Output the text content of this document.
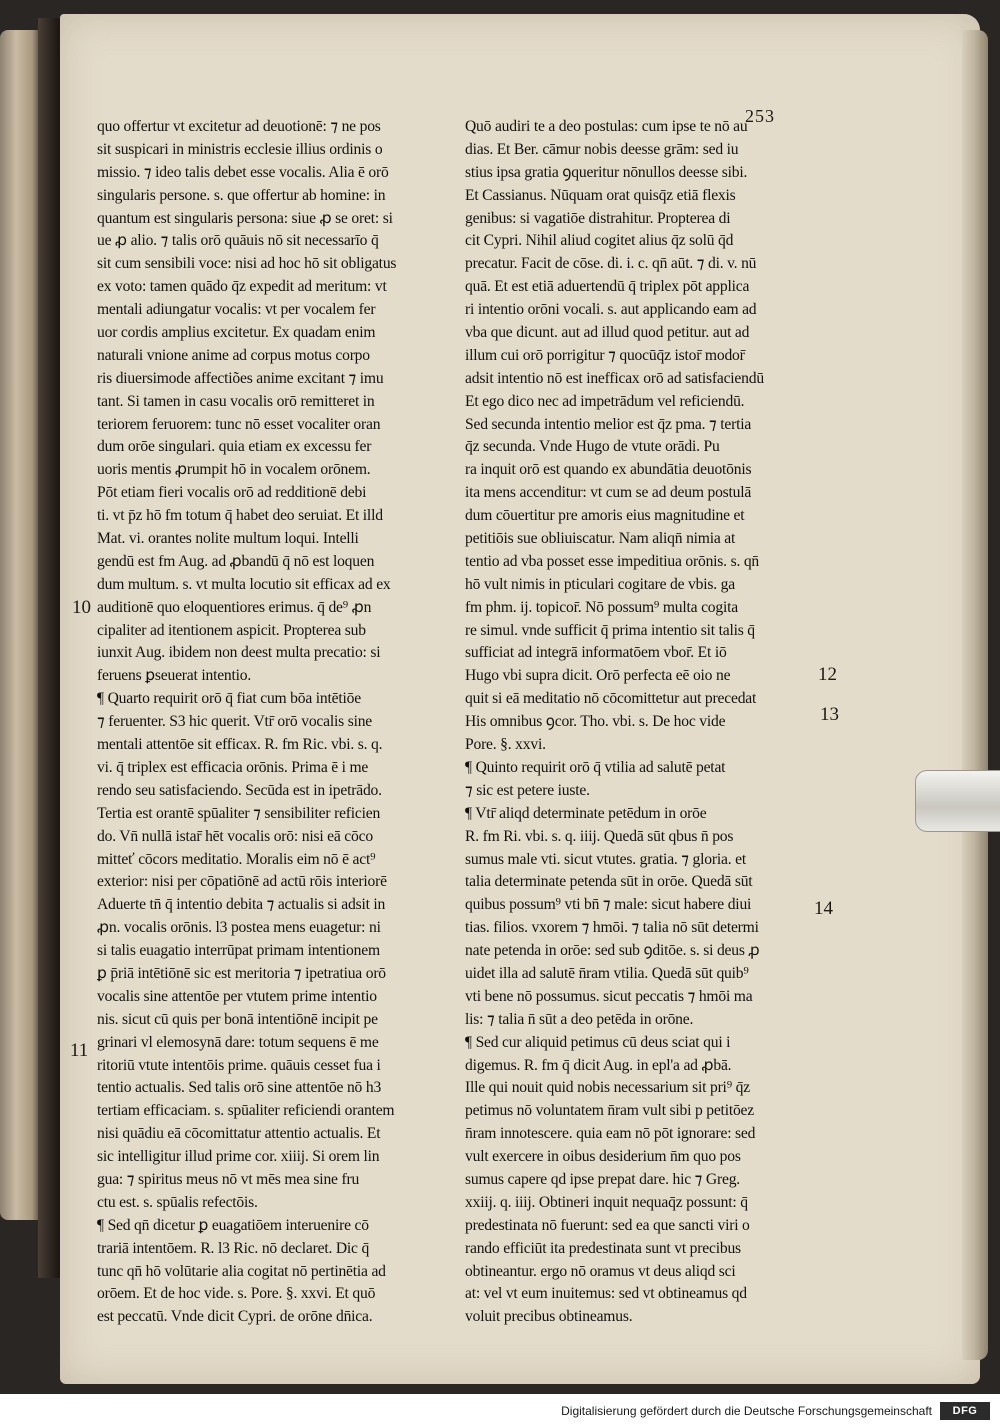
253
quo offertur vt excitetur ad deuotionē: ⁊ ne pos
sit suspicari in ministris ecclesie illius ordinis o
missio. ⁊ ideo talis debet esse vocalis. Alia ē orō
singularis persone. s. que offertur ab homine: in
quantum est singularis persona: siue ꝓ se oret: si
ue ꝓ alio. ⁊ talis orō quāuis nō sit necessarīo q̄
sit cum sensibili voce: nisi ad hoc hō sit obligatus
ex voto: tamen quādo q̄z expedit ad meritum: vt
mentali adiungatur vocalis: vt per vocalem fer
uor cordis amplius excitetur. Ex quadam enim
naturali vnione anime ad corpus motus corpo
ris diuersimode affectiões anime excitant ⁊ imu
tant. Si tamen in casu vocalis orō remitteret in
teriorem feruorem: tunc nō esset vocaliter oran
dum orōe singulari. quia etiam ex excessu fer
uoris mentis ꝓrumpit hō in vocalem orōnem.
Pōt etiam fieri vocalis orō ad redditionē debi
ti. vt p̄z hō fm totum q̄ habet deo seruiat. Et illd
Mat. vi. orantes nolite multum loqui. Intelli
gendū est fm Aug. ad ꝓbandū q̄ nō est loquen
dum multum. s. vt multa locutio sit efficax ad ex
auditionē quo eloquentiores erimus. q̄ de⁹ ꝓn
cipaliter ad itentionem aspicit. Propterea sub
iunxit Aug. ibidem non deest multa precatio: si
feruens ꝑseuerat intentio.
¶ Quarto requirit orō q̄ fiat cum bōa intētiōe
⁊ feruenter. S3 hic querit. Vtr̄ orō vocalis sine
mentali attentōe sit efficax. R. fm Ric. vbi. s. q.
vi. q̄ triplex est efficacia orōnis. Prima ē i me
rendo seu satisfaciendo. Secūda est in ipetrādo.
Tertia est orantē spūaliter ⁊ sensibiliter reficien
do. Vn̄ nullā istar̄ hēt vocalis orō: nisi eā cōco
mitteť cōcors meditatio. Moralis eim nō ē act⁹
exterior: nisi per cōpatiōnē ad actū rōis interiorē
Aduerte tn̄ q̄ intentio debita ⁊ actualis si adsit in
ꝓn. vocalis orōnis. l3 postea mens euagetur: ni
si talis euagatio interrūpat primam intentionem
ꝑ p̄riā intētiōnē sic est meritoria ⁊ ipetratiua orō
vocalis sine attentōe per vtutem prime intentio
nis. sicut cū quis per bonā intentiōnē incipit pe
grinari vl elemosynā dare: totum sequens ē me
ritoriū vtute intentōis prime. quāuis cesset fua i
tentio actualis. Sed talis orō sine attentōe nō h3
tertiam efficaciam. s. spūaliter reficiendi orantem
nisi quādiu eā cōcomittatur attentio actualis. Et
sic intelligitur illud prime cor. xiiij. Si orem lin
gua: ⁊ spiritus meus nō vt mēs mea sine fru
ctu est. s. spūalis refectōis.
¶ Sed qn̄ dicetur ꝑ euagatiōem interuenire cō
trariā intentōem. R. l3 Ric. nō declaret. Dic q̄
tunc qn̄ hō volūtarie alia cogitat nō pertinētia ad
orōem. Et de hoc vide. s. Pore. §. xxvi. Et quō
est peccatū. Vnde dicit Cypri. de orōne dn̄ica.
Quō audiri te a deo postulas: cum ipse te nō au
dias. Et Ber. cāmur nobis deesse grām: sed iu
stius ipsa gratia ꝯqueritur nōnullos deesse sibi.
Et Cassianus. Nūquam orat quisq̄z etiā flexis
genibus: si vagatiōe distrahitur. Propterea di
cit Cypri. Nihil aliud cogitet alius q̄z solū q̄d
precatur. Facit de cōse. di. i. c. qn̄ aūt. ⁊ di. v. nū
quā. Et est etiā aduertendū q̄ triplex pōt applica
ri intentio orōni vocali. s. aut applicando eam ad
vba que dicunt. aut ad illud quod petitur. aut ad
illum cui orō porrigitur ⁊ quocūq̄z istor̄ modor̄
adsit intentio nō est inefficax orō ad satisfaciendū
Et ego dico nec ad impetrādum vel reficiendū.
Sed secunda intentio melior est q̄z pma. ⁊ tertia
q̄z secunda. Vnde Hugo de vtute orādi. Pu
ra inquit orō est quando ex abundātia deuotōnis
ita mens accenditur: vt cum se ad deum postulā
dum cōuertitur pre amoris eius magnitudine et
petitiōis sue obliuiscatur. Nam aliqn̄ nimia at
tentio ad vba posset esse impeditiua orōnis. s. qn̄
hō vult nimis in pticulari cogitare de vbis. ga
fm phm. ij. topicor̄. Nō possum⁹ multa cogita
re simul. vnde sufficit q̄ prima intentio sit talis q̄
sufficiat ad integrā informatōem vbor̄. Et iō
Hugo vbi supra dicit. Orō perfecta eē oio ne
quit si eā meditatio nō cōcomittetur aut precedat
His omnibus ꝯcor. Tho. vbi. s. De hoc vide
Pore. §. xxvi.
¶ Quinto requirit orō q̄ vtilia ad salutē petat
⁊ sic est petere iuste.
¶ Vtr̄ aliqd determinate petēdum in orōe
R. fm Ri. vbi. s. q. iiij. Quedā sūt qbus n̄ pos
sumus male vti. sicut vtutes. gratia. ⁊ gloria. et
talia determinate petenda sūt in orōe. Quedā sūt
quibus possum⁹ vti bn̄ ⁊ male: sicut habere diui
tias. filios. vxorem ⁊ hmōi. ⁊ talia nō sūt determi
nate petenda in orōe: sed sub ꝯditōe. s. si deus ꝓ
uidet illa ad salutē n̄ram vtilia. Quedā sūt quib⁹
vti bene nō possumus. sicut peccatis ⁊ hmōi ma
lis: ⁊ talia n̄ sūt a deo petēda in orōne.
¶ Sed cur aliquid petimus cū deus sciat qui i
digemus. R. fm q̄ dicit Aug. in epl'a ad ꝓbā.
Ille qui nouit quid nobis necessarium sit pri⁹ q̄z
petimus nō voluntatem n̄ram vult sibi p petitōez
n̄ram innotescere. quia eam nō pōt ignorare: sed
vult exercere in oibus desiderium n̄m quo pos
sumus capere qd ipse prepat dare. hic ⁊ Greg.
xxiij. q. iiij. Obtineri inquit nequaq̄z possunt: q̄
predestinata nō fuerunt: sed ea que sancti viri o
rando efficiūt ita predestinata sunt vt precibus
obtineantur. ergo nō oramus vt deus aliqd sci
at: vel vt eum inuitemus: sed vt obtineamus qd
voluit precibus obtineamus.
10
11
12
13
14
Digitalisierung gefördert durch die Deutsche Forschungsgemeinschaft	DFG
